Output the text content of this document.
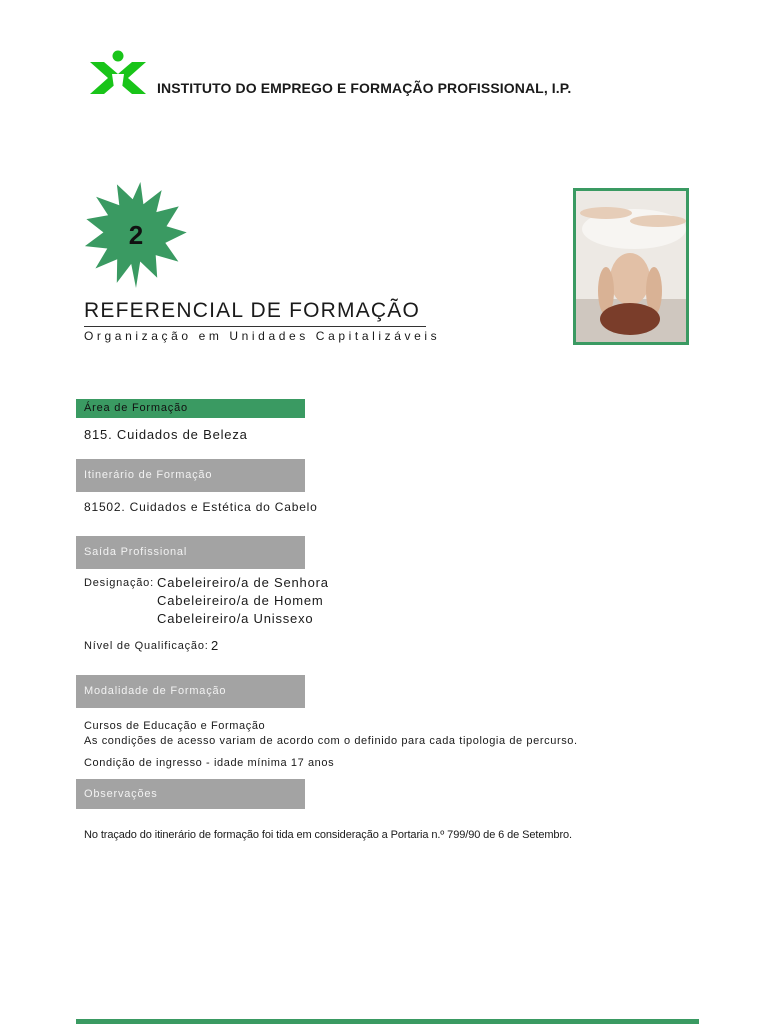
INSTITUTO DO EMPREGO E FORMAÇÃO PROFISSIONAL, I.P.
2
REFERENCIAL DE FORMAÇÃO
Organização em Unidades Capitalizáveis
Área de Formação
815. Cuidados de Beleza
Itinerário de Formação
81502. Cuidados e Estética do Cabelo
Saída Profissional
Designação: Cabeleireiro/a de Senhora
Cabeleireiro/a de Homem
Cabeleireiro/a Unissexo
Nível de Qualificação: 2
Modalidade de Formação
Cursos de Educação e Formação
As condições de acesso variam de acordo com o definido para cada tipologia de percurso.
Condição de ingresso - idade mínima 17 anos
Observações
No traçado do itinerário de formação foi tida em consideração a Portaria n.º 799/90 de 6 de Setembro.
